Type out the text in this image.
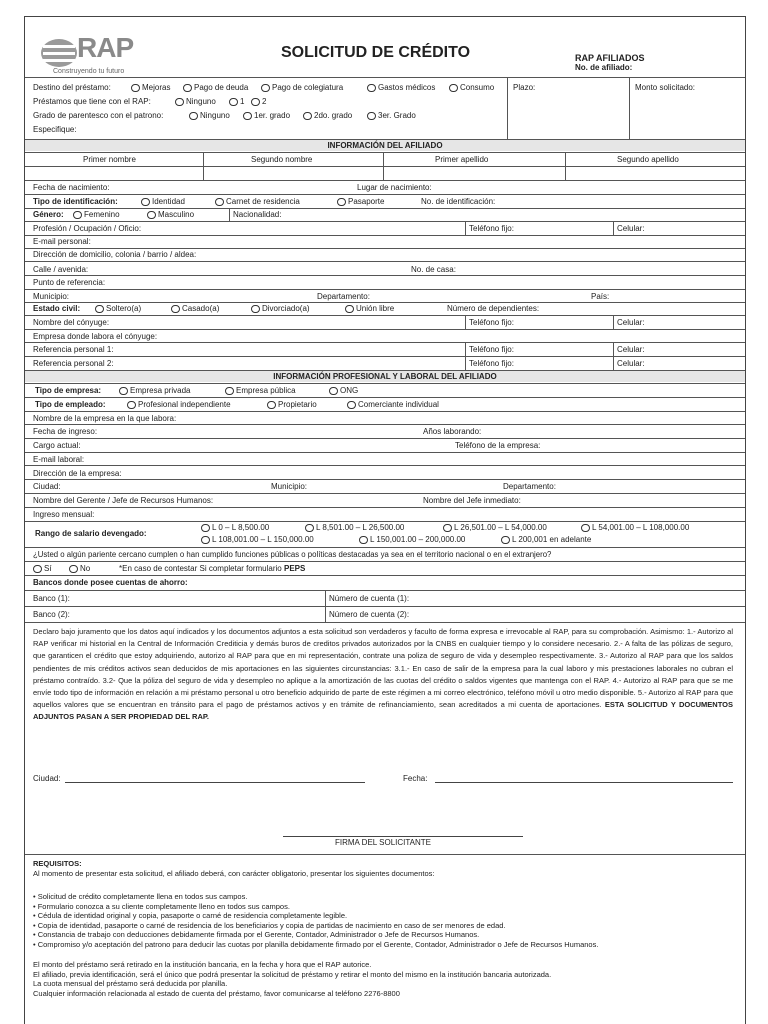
RAP
Construyendo tu futuro
SOLICITUD DE CRÉDITO	RAP AFILIADOS
No. de afiliado:
Destino del préstamo:	Mejoras	Pago de deuda	Pago de colegiatura	Gastos médicos	Consumo Plazo:	Monto solicitado:
Préstamos que tiene con el RAP:	Ninguno	1	2
Grado de parentesco con el patrono:	Ninguno	1er. grado	2do. grado	3er. Grado
Especifique:
INFORMACIÓN DEL AFILIADO
Primer nombre	Segundo nombre	Primer apellido	Segundo apellido
Fecha de nacimiento:	Lugar de nacimiento:
Tipo de identificación:	Identidad	Carnet de residencia	Pasaporte	No. de identificación:
Género:	Femenino	Masculino	Nacionalidad:
Profesión / Ocupación / Oficio:	Teléfono fijo:	Celular:
E-mail personal:
Dirección de domicilio, colonia / barrio / aldea:
Calle / avenida:	No. de casa:
Punto de referencia:
Municipio:	Departamento:	País:
Estado civil:	Soltero(a)	Casado(a)	Divorciado(a)	Unión libre	Número de dependientes:
Nombre del cónyuge:	Teléfono fijo:	Celular:
Empresa donde labora el cónyuge:
Referencia personal 1:	Teléfono fijo:	Celular:
Referencia personal 2:	Teléfono fijo:	Celular:
INFORMACIÓN PROFESIONAL Y LABORAL DEL AFILIADO
Tipo de empresa:	Empresa privada	Empresa pública	ONG
Tipo de empleado:	Profesional independiente	Propietario	Comerciante individual
Nombre de la empresa en la que labora:
Fecha de ingreso:	Años laborando:
Cargo actual:	Teléfono de la empresa:
E-mail laboral:
Dirección de la empresa:
Ciudad:	Municipio:	Departamento:
Nombre del Gerente / Jefe de Recursos Humanos:	Nombre del Jefe inmediato:
Ingreso mensual:
Rango de salario devengado:
L 0 – L 8,500.00	L 8,501.00 – L 26,500.00	L 26,501.00 – L 54,000.00	L 54,001.00 – L 108,000.00
L 108,001.00 – L 150,000.00	L 150,001.00 – 200,000.00	L 200,001 en adelante
¿Usted o algún pariente cercano cumplen o han cumplido funciones públicas o políticas destacadas ya sea en el territorio nacional o en el extranjero?
Sí	No	*En caso de contestar Si completar formulario PEPS
Bancos donde posee cuentas de ahorro:
Banco (1):	Número de cuenta (1):
Banco (2):	Número de cuenta (2):
Declaro bajo juramento que los datos aquí indicados y los documentos adjuntos a esta solicitud son verdaderos y faculto de forma expresa e irrevocable al RAP, para su comprobación. Asimismo: 1.- Autorizo al RAP verificar mi historial en la Central de Información Crediticia y demás buros de creditos privados autorizados por la CNBS en cualquier tiempo y lo considere necesario. 2.- A falta de las pólizas de seguro, que garanticen el crédito que estoy adquiriendo, autorizo al RAP para que en mi representación, contrate una poliza de seguro de vida y desempleo respectivamente. 3.- Autorizo al RAP para que los saldos pendientes de mis créditos activos sean deducidos de mis aportaciones en las siguientes circunstancias: 3.1.- En caso de salir de la empresa para la cual laboro y mis prestaciones laborales no cubran el préstamo contraído. 3.2- Que la póliza del seguro de vida y desempleo no aplique a la amortización de las cuotas del crédito o saldos vigentes que mantenga con el RAP. 4.- Autorizo al RAP para que se me envíe todo tipo de información en relación a mi préstamo personal u otro beneficio adquirido de parte de este régimen a mi correo electrónico, teléfono móvil u otro medio disponible. 5.- Autorizo al RAP para que aquellos valores que se encuentran en tránsito para el pago de préstamos activos y en trámite de refinanciamiento, sean acreditados a mi cuenta de aportaciones. ESTA SOLICITUD Y DOCUMENTOS ADJUNTOS PASAN A SER PROPIEDAD DEL RAP.
Ciudad:	Fecha:
FIRMA DEL SOLICITANTE
REQUISITOS:
Al momento de presentar esta solicitud, el afiliado deberá, con carácter obligatorio, presentar los siguientes documentos:
• Solicitud de crédito completamente llena en todos sus campos.
• Formulario conozca a su cliente completamente lleno en todos sus campos.
• Cédula de identidad original y copia, pasaporte o carné de residencia completamente legible.
• Copia de identidad, pasaporte o carné de residencia de los beneficiarios y copia de partidas de nacimiento en caso de ser menores de edad.
• Constancia de trabajo con deducciones debidamente firmada por el Gerente, Contador, Administrador o Jefe de Recursos Humanos.
• Compromiso y/o aceptación del patrono para deducir las cuotas por planilla debidamente firmado por el Gerente, Contador, Administrador o Jefe de Recursos Humanos.
El monto del préstamo será retirado en la institución bancaria, en la fecha y hora que el RAP autorice.
El afiliado, previa identificación, será el único que podrá presentar la solicitud de préstamo y retirar el monto del mismo en la institución bancaria autorizada.
La cuota mensual del préstamo será deducida por planilla.
Cualquier información relacionada al estado de cuenta del préstamo, favor comunicarse al teléfono 2276-8800
